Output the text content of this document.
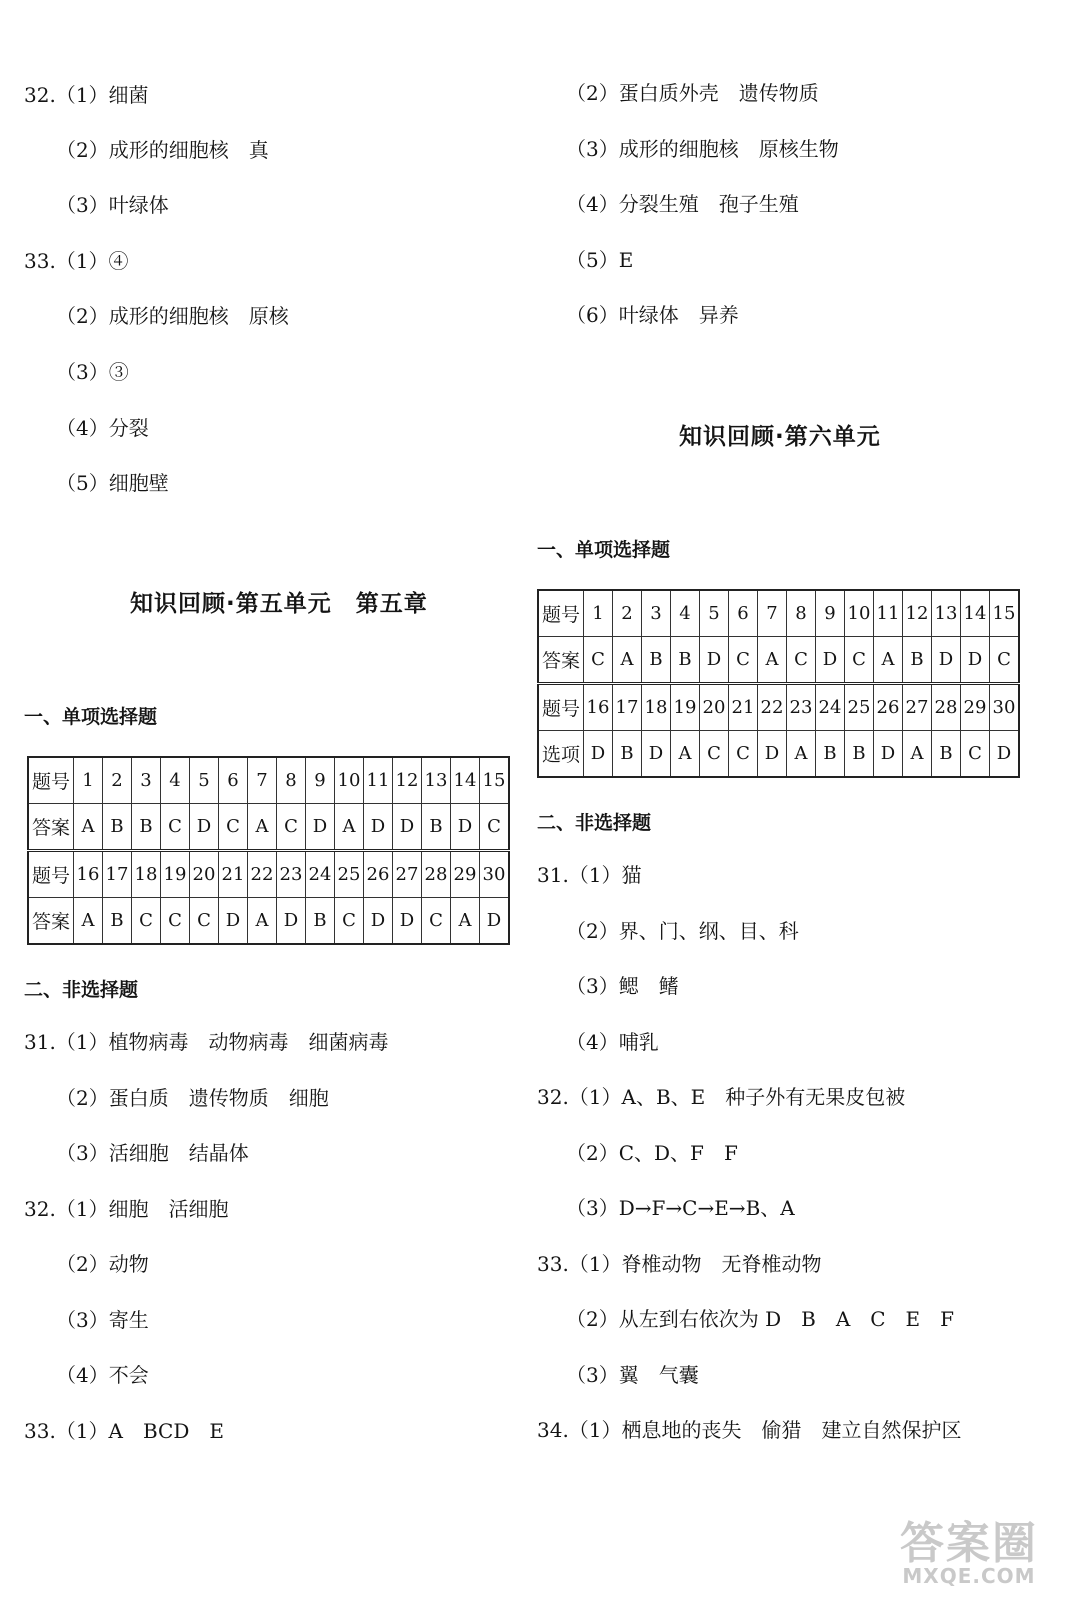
32.（1）细菌
（2）成形的细胞核　真
（3）叶绿体
33.（1）④
（2）成形的细胞核　原核
（3）③
（4）分裂
（5）细胞壁
知识回顾·第五单元　第五章
一、单项选择题
题号	1	2	3	4	5	6	7	8	9	10	11	12	13	14	15
答案	A	B	B	C	D	C	A	C	D	A	D	D	B	D	C
题号	16	17	18	19	20	21	22	23	24	25	26	27	28	29	30
答案	A	B	C	C	C	D	A	D	B	C	D	D	C	A	D
二、非选择题
31.（1）植物病毒　动物病毒　细菌病毒
（2）蛋白质　遗传物质　细胞
（3）活细胞　结晶体
32.（1）细胞　活细胞
（2）动物
（3）寄生
（4）不会
33.（1）A　BCD　E
（2）蛋白质外壳　遗传物质
（3）成形的细胞核　原核生物
（4）分裂生殖　孢子生殖
（5）E
（6）叶绿体　异养
知识回顾·第六单元
一、单项选择题
题号	1	2	3	4	5	6	7	8	9	10	11	12	13	14	15
答案	C	A	B	B	D	C	A	C	D	C	A	B	D	D	C
题号	16	17	18	19	20	21	22	23	24	25	26	27	28	29	30
选项	D	B	D	A	C	C	D	A	B	B	D	A	B	C	D
二、非选择题
31.（1）猫
（2）界、门、纲、目、科
（3）鳃　鳍
（4）哺乳
32.（1）A、B、E　种子外有无果皮包被
（2）C、D、F　F
（3）D→F→C→E→B、A
33.（1）脊椎动物　无脊椎动物
（2）从左到右依次为 D　B　A　C　E　F
（3）翼　气囊
34.（1）栖息地的丧失　偷猎　建立自然保护区
答案圈
MXQE.COM
